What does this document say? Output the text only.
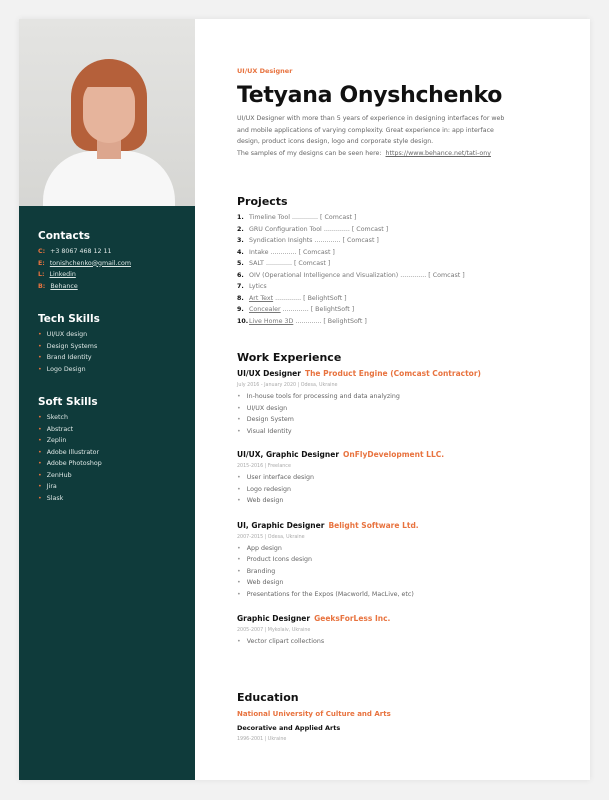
Contacts
C: +3 8067 468 12 11
E: tonishchenko@gmail.com
L: Linkedin
B: Behance
Tech Skills
• UI/UX design
• Design Systems
• Brand Identity
• Logo Design
Soft Skills
• Sketch
• Abstract
• Zeplin
• Adobe Illustrator
• Adobe Photoshop
• ZenHub
• Jira
• Slask
UI/UX Designer
Tetyana Onyshchenko
UI/UX Designer with more than 5 years of experience in designing interfaces for web and mobile applications of varying complexity. Great experience in: app interface design, product icons design, logo and corporate style design.
The samples of my designs can be seen here: https://www.behance.net/tati-ony
Projects
1. Timeline Tool ............. [ Comcast ]
2. GRU Configuration Tool ............. [ Comcast ]
3. Syndication Insights ............. [ Comcast ]
4. Intake ............. [ Comcast ]
5. SALT ............. [ Comcast ]
6. OIV (Operational Intelligence and Visualization) ............. [ Comcast ]
7. Lytics
8. Art Text ............. [ BelightSoft ]
9. Concealer ............. [ BelightSoft ]
10.Live Home 3D ............. [ BelightSoft ]
Work Experience
UI/UX Designer The Product Engine (Comcast Contractor)
July 2016 - January 2020 | Odesa, Ukraine
• In-house tools for processing and data analyzing
• UI/UX design
• Design System
• Visual Identity
UI/UX, Graphic Designer OnFlyDevelopment LLC.
2015-2016 | Freelance
• User interface design
• Logo redesign
• Web design
UI, Graphic Designer Belight Software Ltd.
2007-2015 | Odesa, Ukraine
• App design
• Product Icons design
• Branding
• Web design
• Presentations for the Expos (Macworld, MacLive, etc)
Graphic Designer GeeksForLess Inc.
2005-2007 | Mykolaiv, Ukraine
• Vector clipart collections
Education
National University of Culture and Arts
Decorative and Applied Arts
1996-2001 | Ukraine
